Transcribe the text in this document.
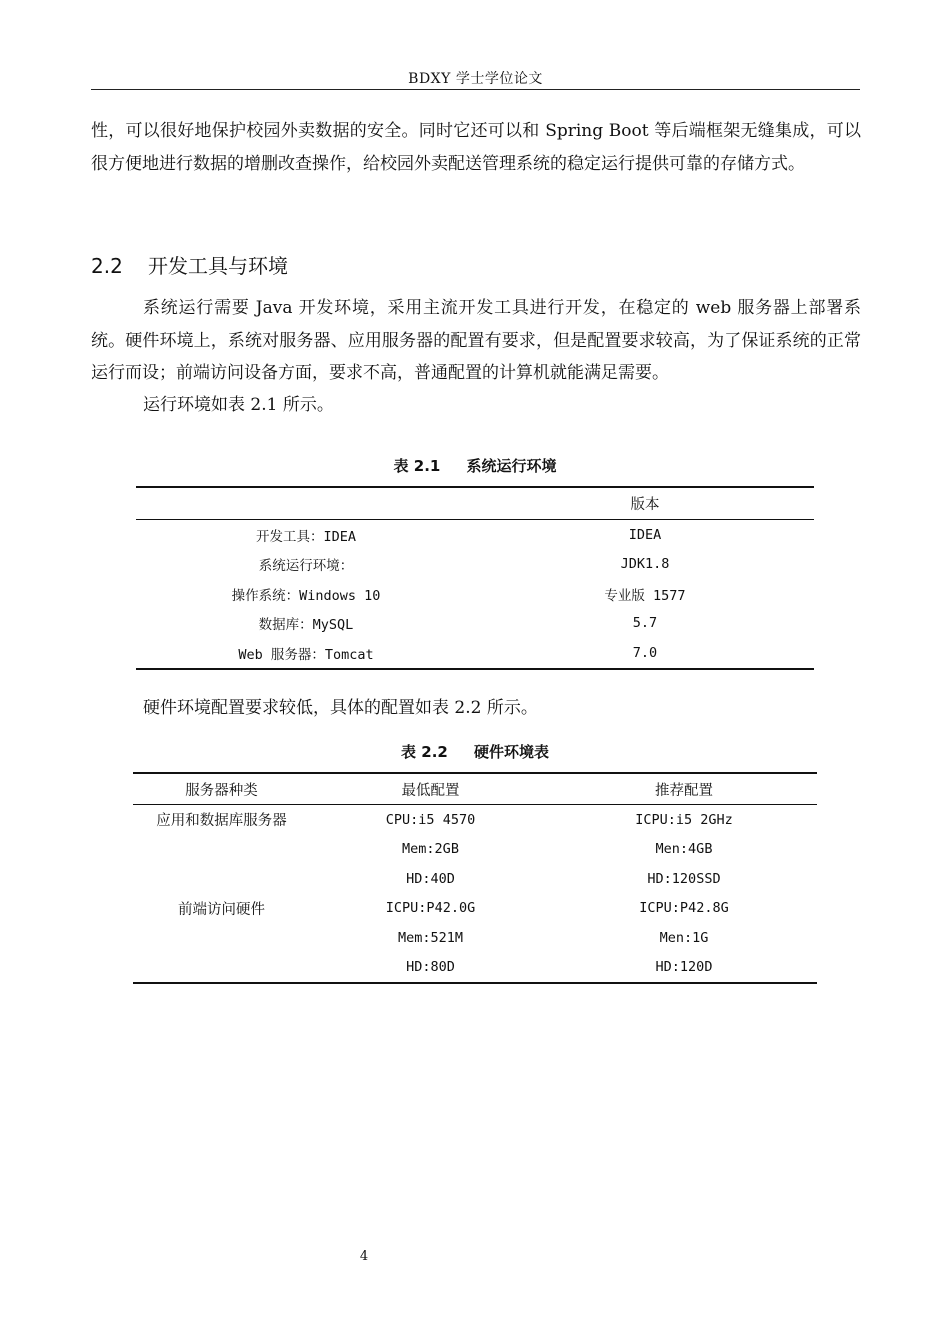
BDXY 学士学位论文

性，可以很好地保护校园外卖数据的安全。同时它还可以和 Spring Boot 等后端框架无缝集成，可以很方便地进行数据的增删改查操作，给校园外卖配送管理系统的稳定运行提供可靠的存储方式。

2.2 开发工具与环境

系统运行需要 Java 开发环境，采用主流开发工具进行开发，在稳定的 web 服务器上部署系统。硬件环境上，系统对服务器、应用服务器的配置有要求，但是配置要求较高，为了保证系统的正常运行而设；前端访问设备方面，要求不高，普通配置的计算机就能满足需要。

运行环境如表 2.1 所示。

表 2.1     系统运行环境
	版本
开发工具：IDEA	IDEA
系统运行环境：	JDK1.8
操作系统：Windows 10	专业版 1577
数据库：MySQL	5.7
Web 服务器：Tomcat	7.0

硬件环境配置要求较低，具体的配置如表 2.2 所示。

表 2.2     硬件环境表
服务器种类	最低配置	推荐配置
应用和数据库服务器	CPU:i5 4570	ICPU:i5 2GHz
	Mem:2GB	Men:4GB
	HD:40D	HD:120SSD
前端访问硬件	ICPU:P42.0G	ICPU:P42.8G
	Mem:521M	Men:1G
	HD:80D	HD:120D
4
